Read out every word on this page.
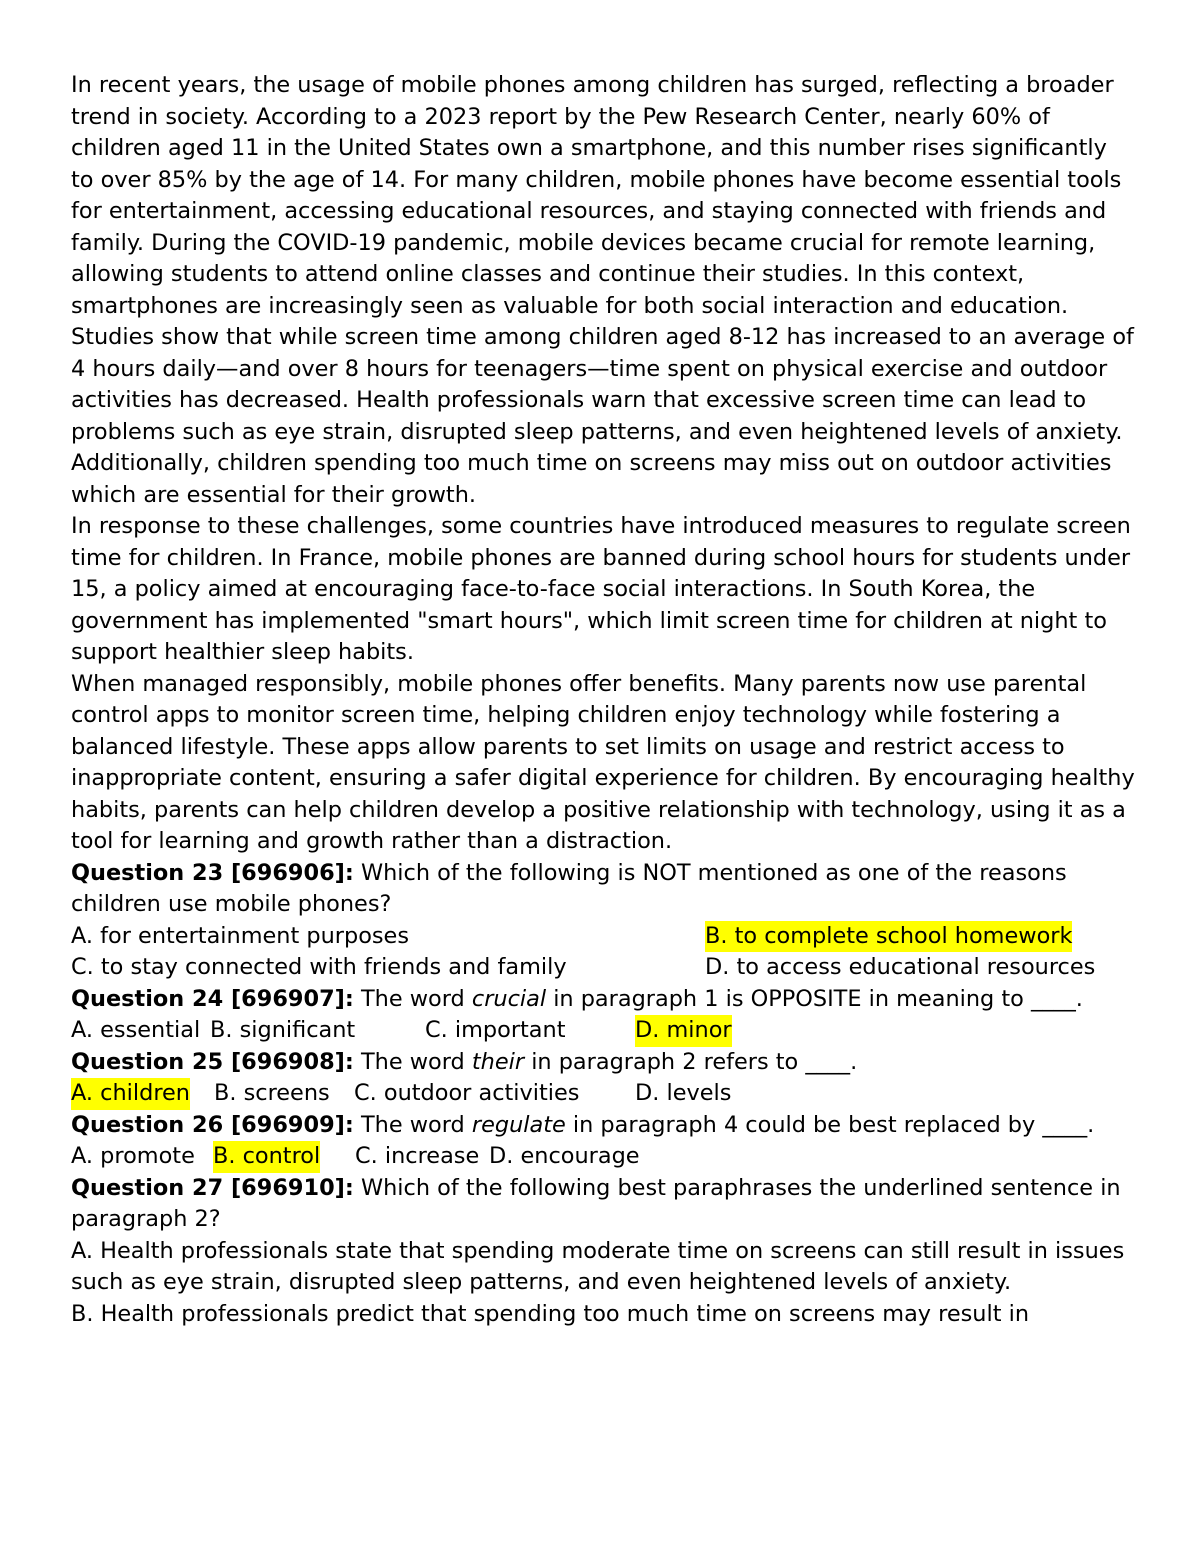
In recent years, the usage of mobile phones among children has surged, reflecting a broader trend in society. According to a 2023 report by the Pew Research Center, nearly 60% of children aged 11 in the United States own a smartphone, and this number rises significantly to over 85% by the age of 14. For many children, mobile phones have become essential tools for entertainment, accessing educational resources, and staying connected with friends and family. During the COVID-19 pandemic, mobile devices became crucial for remote learning, allowing students to attend online classes and continue their studies. In this context, smartphones are increasingly seen as valuable for both social interaction and education.

Studies show that while screen time among children aged 8-12 has increased to an average of 4 hours daily—and over 8 hours for teenagers—time spent on physical exercise and outdoor activities has decreased. Health professionals warn that excessive screen time can lead to problems such as eye strain, disrupted sleep patterns, and even heightened levels of anxiety. Additionally, children spending too much time on screens may miss out on outdoor activities which are essential for their growth.

In response to these challenges, some countries have introduced measures to regulate screen time for children. In France, mobile phones are banned during school hours for students under 15, a policy aimed at encouraging face-to-face social interactions. In South Korea, the government has implemented "smart hours", which limit screen time for children at night to support healthier sleep habits.

When managed responsibly, mobile phones offer benefits. Many parents now use parental control apps to monitor screen time, helping children enjoy technology while fostering a balanced lifestyle. These apps allow parents to set limits on usage and restrict access to inappropriate content, ensuring a safer digital experience for children. By encouraging healthy habits, parents can help children develop a positive relationship with technology, using it as a tool for learning and growth rather than a distraction.

Question 23 [696906]: Which of the following is NOT mentioned as one of the reasons children use mobile phones?

A. for entertainment purposes	B. to complete school homework
C. to stay connected with friends and family	D. to access educational resources

Question 24 [696907]: The word crucial in paragraph 1 is OPPOSITE in meaning to ____.

A. essential B. significant	C. important	D. minor

Question 25 [696908]: The word their in paragraph 2 refers to ____.

A. children B. screens C. outdoor activities D. levels

Question 26 [696909]: The word regulate in paragraph 4 could be best replaced by ____.

A. promote B. control C. increase D. encourage

Question 27 [696910]: Which of the following best paraphrases the underlined sentence in paragraph 2?

A. Health professionals state that spending moderate time on screens can still result in issues such as eye strain, disrupted sleep patterns, and even heightened levels of anxiety.

B. Health professionals predict that spending too much time on screens may result in
